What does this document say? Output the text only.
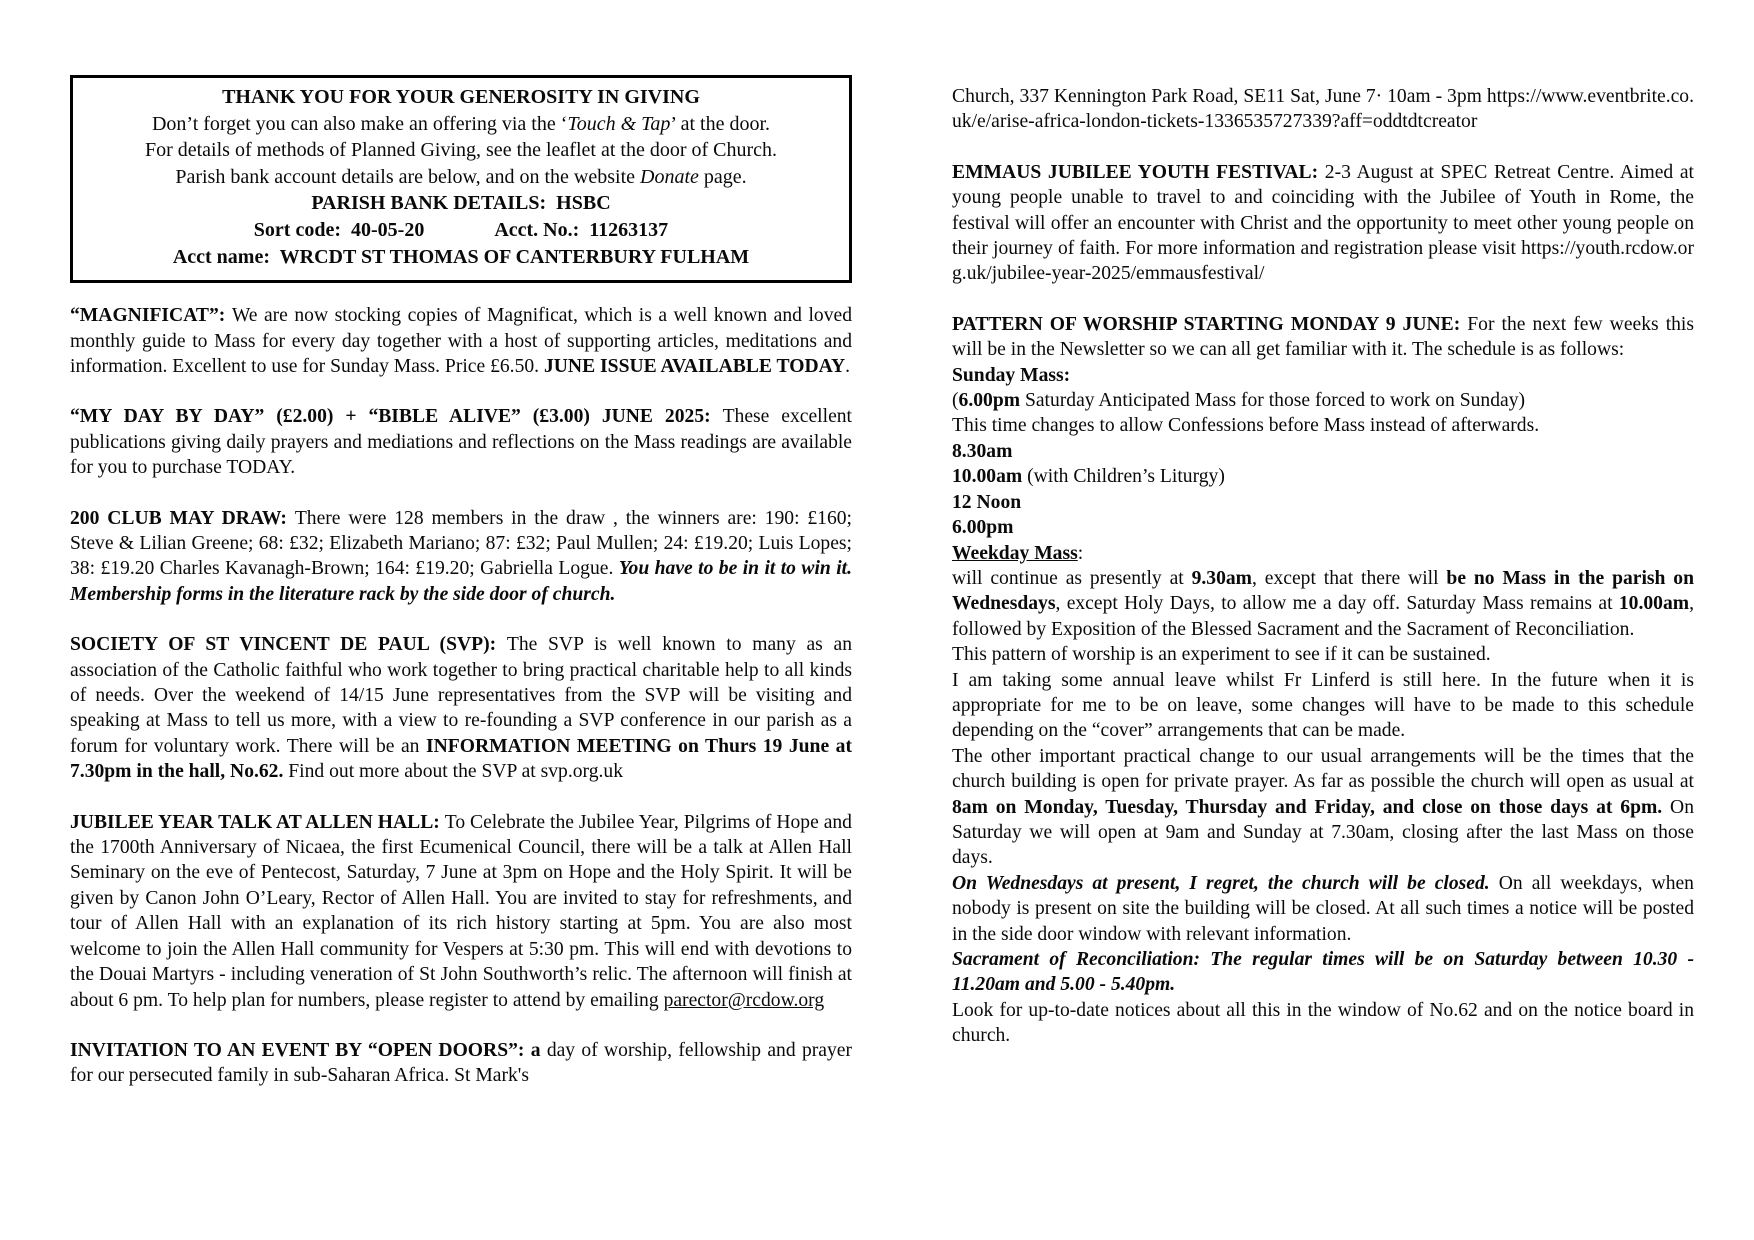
THANK YOU FOR YOUR GENEROSITY IN GIVING
Don’t forget you can also make an offering via the ‘Touch & Tap’ at the door.
For details of methods of Planned Giving, see the leaflet at the door of Church.
Parish bank account details are below, and on the website Donate page.
PARISH BANK DETAILS:  HSBC
Sort code:  40-05-20	Acct. No.:  11263137
Acct name:  WRCDT ST THOMAS OF CANTERBURY FULHAM

“MAGNIFICAT”: We are now stocking copies of Magnificat, which is a well known and loved monthly guide to Mass for every day together with a host of supporting articles, meditations and information. Excellent to use for Sunday Mass. Price £6.50. JUNE ISSUE AVAILABLE TODAY.

“MY DAY BY DAY” (£2.00) + “BIBLE ALIVE” (£3.00) JUNE 2025: These excellent publications giving daily prayers and mediations and reflections on the Mass readings are available for you to purchase TODAY.

200 CLUB MAY DRAW: There were 128 members in the draw , the winners are: 190: £160; Steve & Lilian Greene; 68: £32; Elizabeth Mariano; 87: £32; Paul Mullen; 24: £19.20; Luis Lopes; 38: £19.20 Charles Kavanagh-Brown; 164: £19.20; Gabriella Logue. You have to be in it to win it. Membership forms in the literature rack by the side door of church.

SOCIETY OF ST VINCENT DE PAUL (SVP): The SVP is well known to many as an association of the Catholic faithful who work together to bring practical charitable help to all kinds of needs. Over the weekend of 14/15 June representatives from the SVP will be visiting and speaking at Mass to tell us more, with a view to re-founding a SVP conference in our parish as a forum for voluntary work. There will be an INFORMATION MEETING on Thurs 19 June at 7.30pm in the hall, No.62. Find out more about the SVP at svp.org.uk

JUBILEE YEAR TALK AT ALLEN HALL: To Celebrate the Jubilee Year, Pilgrims of Hope and the 1700th Anniversary of Nicaea, the first Ecumenical Council, there will be a talk at Allen Hall Seminary on the eve of Pentecost, Saturday, 7 June at 3pm on Hope and the Holy Spirit. It will be given by Canon John O’Leary, Rector of Allen Hall. You are invited to stay for refreshments, and tour of Allen Hall with an explanation of its rich history starting at 5pm. You are also most welcome to join the Allen Hall community for Vespers at 5:30 pm. This will end with devotions to the Douai Martyrs - including veneration of St John Southworth’s relic. The afternoon will finish at about 6 pm. To help plan for numbers, please register to attend by emailing parector@rcdow.org

INVITATION TO AN EVENT BY “OPEN DOORS”: a day of worship, fellowship and prayer for our persecuted family in sub-Saharan Africa. St Mark's

Church, 337 Kennington Park Road, SE11 Sat, June 7· 10am - 3pm https://www.eventbrite.co.uk/e/arise-africa-london-tickets-1336535727339?aff=oddtdtcreator

EMMAUS JUBILEE YOUTH FESTIVAL: 2-3 August at SPEC Retreat Centre. Aimed at young people unable to travel to and coinciding with the Jubilee of Youth in Rome, the festival will offer an encounter with Christ and the opportunity to meet other young people on their journey of faith. For more information and registration please visit https://youth.rcdow.org.uk/jubilee-year-2025/emmausfestival/

PATTERN OF WORSHIP STARTING MONDAY 9 JUNE: For the next few weeks this will be in the Newsletter so we can all get familiar with it. The schedule is as follows:

Sunday Mass:

(6.00pm Saturday Anticipated Mass for those forced to work on Sunday)

This time changes to allow Confessions before Mass instead of afterwards.

8.30am

10.00am (with Children’s Liturgy)

12 Noon

6.00pm

Weekday Mass:

will continue as presently at 9.30am, except that there will be no Mass in the parish on Wednesdays, except Holy Days, to allow me a day off. Saturday Mass remains at 10.00am, followed by Exposition of the Blessed Sacrament and the Sacrament of Reconciliation.

This pattern of worship is an experiment to see if it can be sustained.

I am taking some annual leave whilst Fr Linferd is still here. In the future when it is appropriate for me to be on leave, some changes will have to be made to this schedule depending on the “cover” arrangements that can be made.

The other important practical change to our usual arrangements will be the times that the church building is open for private prayer. As far as possible the church will open as usual at 8am on Monday, Tuesday, Thursday and Friday, and close on those days at 6pm. On Saturday we will open at 9am and Sunday at 7.30am, closing after the last Mass on those days.

On Wednesdays at present, I regret, the church will be closed. On all weekdays, when nobody is present on site the building will be closed. At all such times a notice will be posted in the side door window with relevant information.

Sacrament of Reconciliation: The regular times will be on Saturday between 10.30 - 11.20am and 5.00 - 5.40pm.

Look for up-to-date notices about all this in the window of No.62 and on the notice board in church.
